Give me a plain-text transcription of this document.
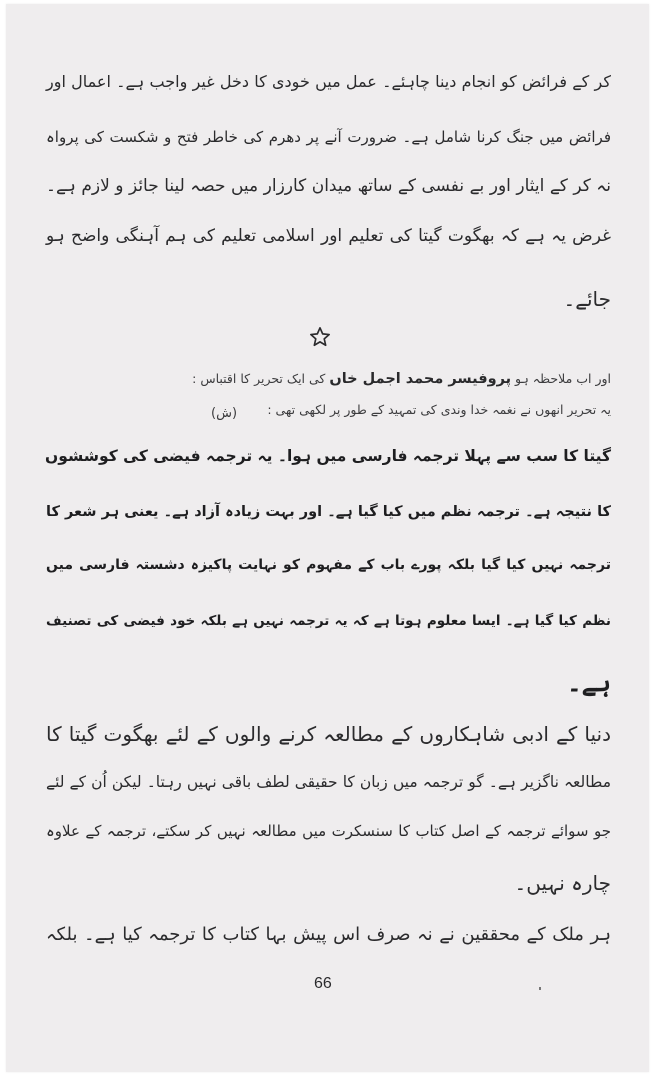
کر کے فرائض کو انجام دینا چاہئے۔ عمل میں خودی کا دخل غیر واجب ہے۔ اعمال اور
فرائض میں جنگ کرنا شامل ہے۔ ضرورت آنے پر دھرم کی خاطر فتح و شکست کی پرواہ
نہ کر کے ایثار اور بے نفسی کے ساتھ میدان کارزار میں حصہ لینا جائز و لازم ہے۔
غرض یہ ہے کہ بھگوت گیتا کی تعلیم اور اسلامی تعلیم کی ہم آہنگی واضح ہو
جائے۔
اور اب ملاحظہ ہو پروفیسر محمد اجمل خاں کی ایک تحریر کا اقتباس :
یہ تحریر انھوں نے نغمہ خدا وندی کی تمہید کے طور پر لکھی تھی :
(ش)
گیتا کا سب سے پہلا ترجمہ فارسی میں ہوا۔ یہ ترجمہ فیضی کی کوششوں
کا نتیجہ ہے۔ ترجمہ نظم میں کیا گیا ہے۔ اور بہت زیادہ آزاد ہے۔ یعنی ہر شعر کا
ترجمہ نہیں کیا گیا بلکہ پورے باب کے مفہوم کو نہایت پاکیزہ دشستہ فارسی میں
نظم کیا گیا ہے۔ ایسا معلوم ہوتا ہے کہ یہ ترجمہ نہیں ہے بلکہ خود فیضی کی تصنیف
ہے۔
دنیا کے ادبی شاہکاروں کے مطالعہ کرنے والوں کے لئے بھگوت گیتا کا
مطالعہ ناگزیر ہے۔ گو ترجمہ میں زبان کا حقیقی لطف باقی نہیں رہتا۔ لیکن اُن کے لئے
جو سوائے ترجمہ کے اصل کتاب کا سنسکرت میں مطالعہ نہیں کر سکتے، ترجمہ کے علاوہ
چارہ نہیں۔
ہر ملک کے محققین نے نہ صرف اس پیش بہا کتاب کا ترجمہ کیا ہے۔ بلکہ
66
